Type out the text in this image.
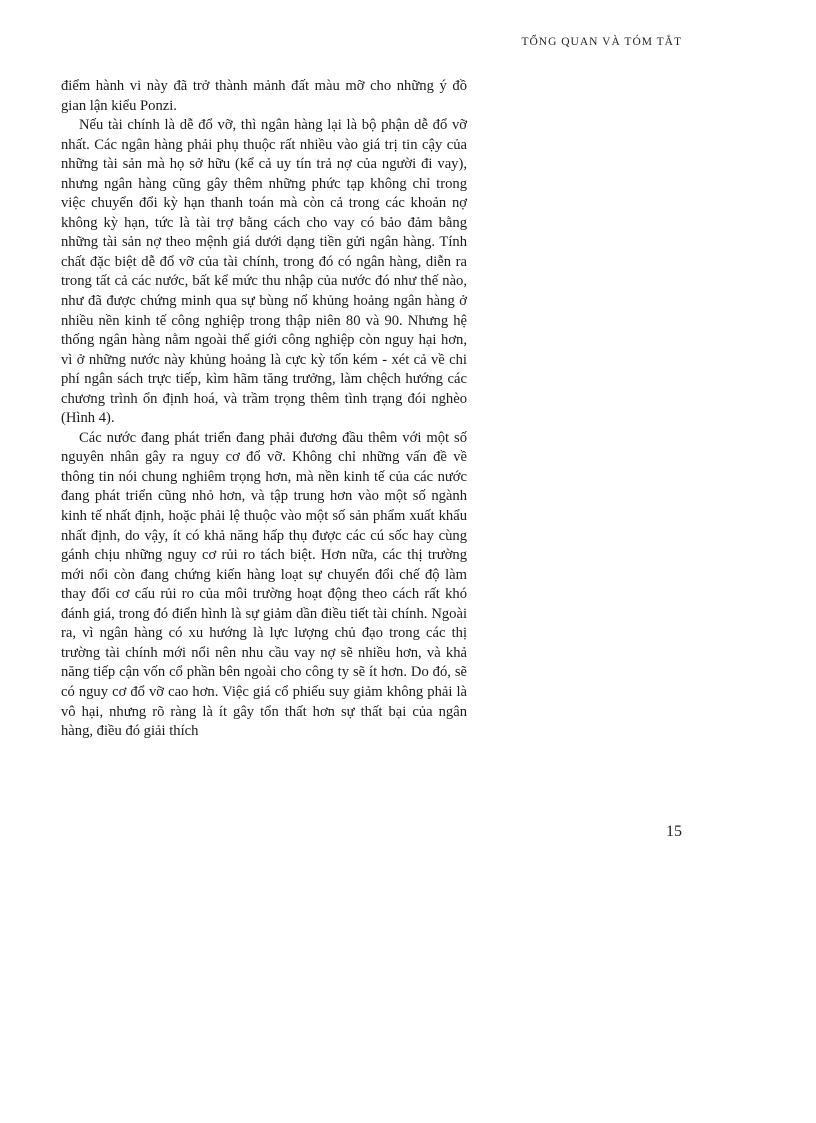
TỔNG QUAN VÀ TÓM TẮT

điểm hành vi này đã trở thành mảnh đất màu mỡ cho những ý đồ gian lận kiểu Ponzi.

Nếu tài chính là dễ đổ vỡ, thì ngân hàng lại là bộ phận dễ đổ vỡ nhất. Các ngân hàng phải phụ thuộc rất nhiều vào giá trị tin cậy của những tài sản mà họ sở hữu (kể cả uy tín trả nợ của người đi vay), nhưng ngân hàng cũng gây thêm những phức tạp không chỉ trong việc chuyển đổi kỳ hạn thanh toán mà còn cả trong các khoản nợ không kỳ hạn, tức là tài trợ bằng cách cho vay có bảo đảm bằng những tài sản nợ theo mệnh giá dưới dạng tiền gửi ngân hàng. Tính chất đặc biệt dễ đổ vỡ của tài chính, trong đó có ngân hàng, diễn ra trong tất cả các nước, bất kể mức thu nhập của nước đó như thế nào, như đã được chứng minh qua sự bùng nổ khủng hoảng ngân hàng ở nhiều nền kinh tế công nghiệp trong thập niên 80 và 90. Nhưng hệ thống ngân hàng nằm ngoài thế giới công nghiệp còn nguy hại hơn, vì ở những nước này khủng hoảng là cực kỳ tốn kém - xét cả về chi phí ngân sách trực tiếp, kìm hãm tăng trưởng, làm chệch hướng các chương trình ổn định hoá, và trầm trọng thêm tình trạng đói nghèo (Hình 4).

Các nước đang phát triển đang phải đương đầu thêm với một số nguyên nhân gây ra nguy cơ đổ vỡ. Không chỉ những vấn đề về thông tin nói chung nghiêm trọng hơn, mà nền kinh tế của các nước đang phát triển cũng nhỏ hơn, và tập trung hơn vào một số ngành kinh tế nhất định, hoặc phải lệ thuộc vào một số sản phẩm xuất khẩu nhất định, do vậy, ít có khả năng hấp thụ được các cú sốc hay cùng gánh chịu những nguy cơ rủi ro tách biệt. Hơn nữa, các thị trường mới nổi còn đang chứng kiến hàng loạt sự chuyển đổi chế độ làm thay đổi cơ cấu rủi ro của môi trường hoạt động theo cách rất khó đánh giá, trong đó điển hình là sự giảm dần điều tiết tài chính. Ngoài ra, vì ngân hàng có xu hướng là lực lượng chủ đạo trong các thị trường tài chính mới nổi nên nhu cầu vay nợ sẽ nhiều hơn, và khả năng tiếp cận vốn cổ phần bên ngoài cho công ty sẽ ít hơn. Do đó, sẽ có nguy cơ đổ vỡ cao hơn. Việc giá cổ phiếu suy giảm không phải là vô hại, nhưng rõ ràng là ít gây tổn thất hơn sự thất bại của ngân hàng, điều đó giải thích

15
